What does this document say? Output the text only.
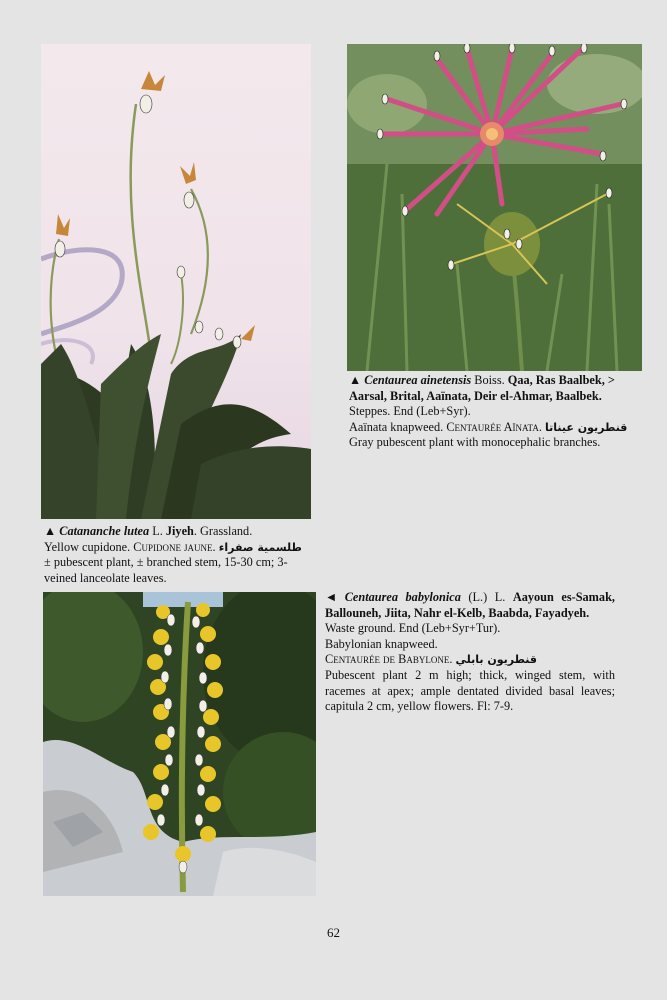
▲ Catananche lutea L. Jiyeh. Grassland.
Yellow cupidone. Cupidone jaune. طلسمية صفراء
± pubescent plant, ± branched stem, 15-30 cm; 3-veined lanceolate leaves.
▲ Centaurea ainetensis Boiss. Qaa, Ras Baalbek, > Aarsal, Brital, Aaïnata, Deir el-Ahmar, Baalbek.
Steppes. End (Leb+Syr).
Aaïnata knapweed. Centaurée Aïnata. قنطريون عيناتا
Gray pubescent plant with monocephalic branches.
◄ Centaurea babylonica (L.) L. Aayoun es-Samak, Ballouneh, Jiita, Nahr el-Kelb, Baabda, Fayadyeh.
Waste ground. End (Leb+Syr+Tur).
Babylonian knapweed.
Centaurée de Babylone. قنطريون بابلي
Pubescent plant 2 m high; thick, winged stem, with racemes at apex; ample dentated divided basal leaves; capitula 2 cm, yellow flowers. Fl: 7-9.
62
